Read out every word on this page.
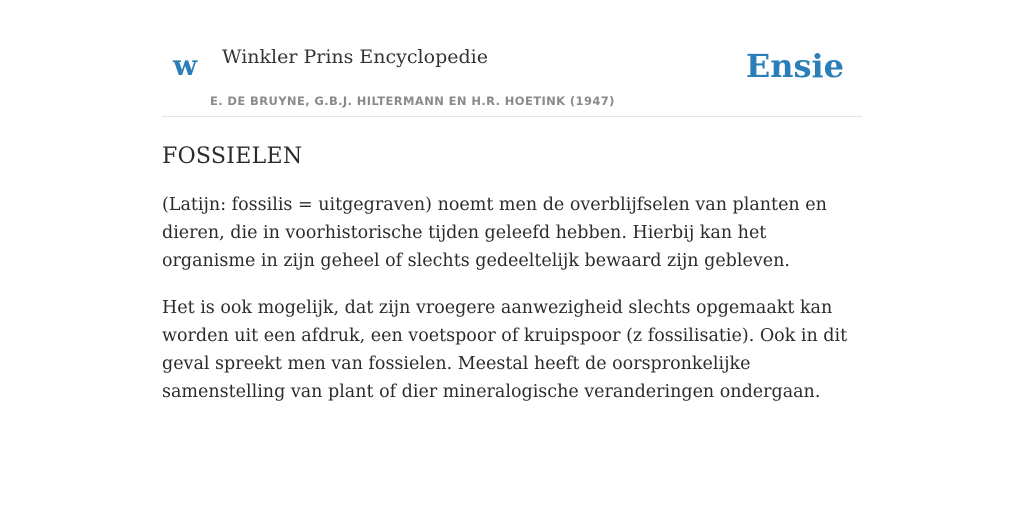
w Winkler Prins Encyclopedie
E. DE BRUYNE, G.B.J. HILTERMANN EN H.R. HOETINK (1947)
Ensie
FOSSIELEN

(Latijn: fossilis = uitgegraven) noemt men de overblijfselen van planten en dieren, die in voorhistorische tijden geleefd hebben. Hierbij kan het organisme in zijn geheel of slechts gedeeltelijk bewaard zijn gebleven.

Het is ook mogelijk, dat zijn vroegere aanwezigheid slechts opgemaakt kan worden uit een afdruk, een voetspoor of kruipspoor (z fossilisatie). Ook in dit geval spreekt men van fossielen. Meestal heeft de oorspronkelijke samenstelling van plant of dier mineralogische veranderingen ondergaan.
